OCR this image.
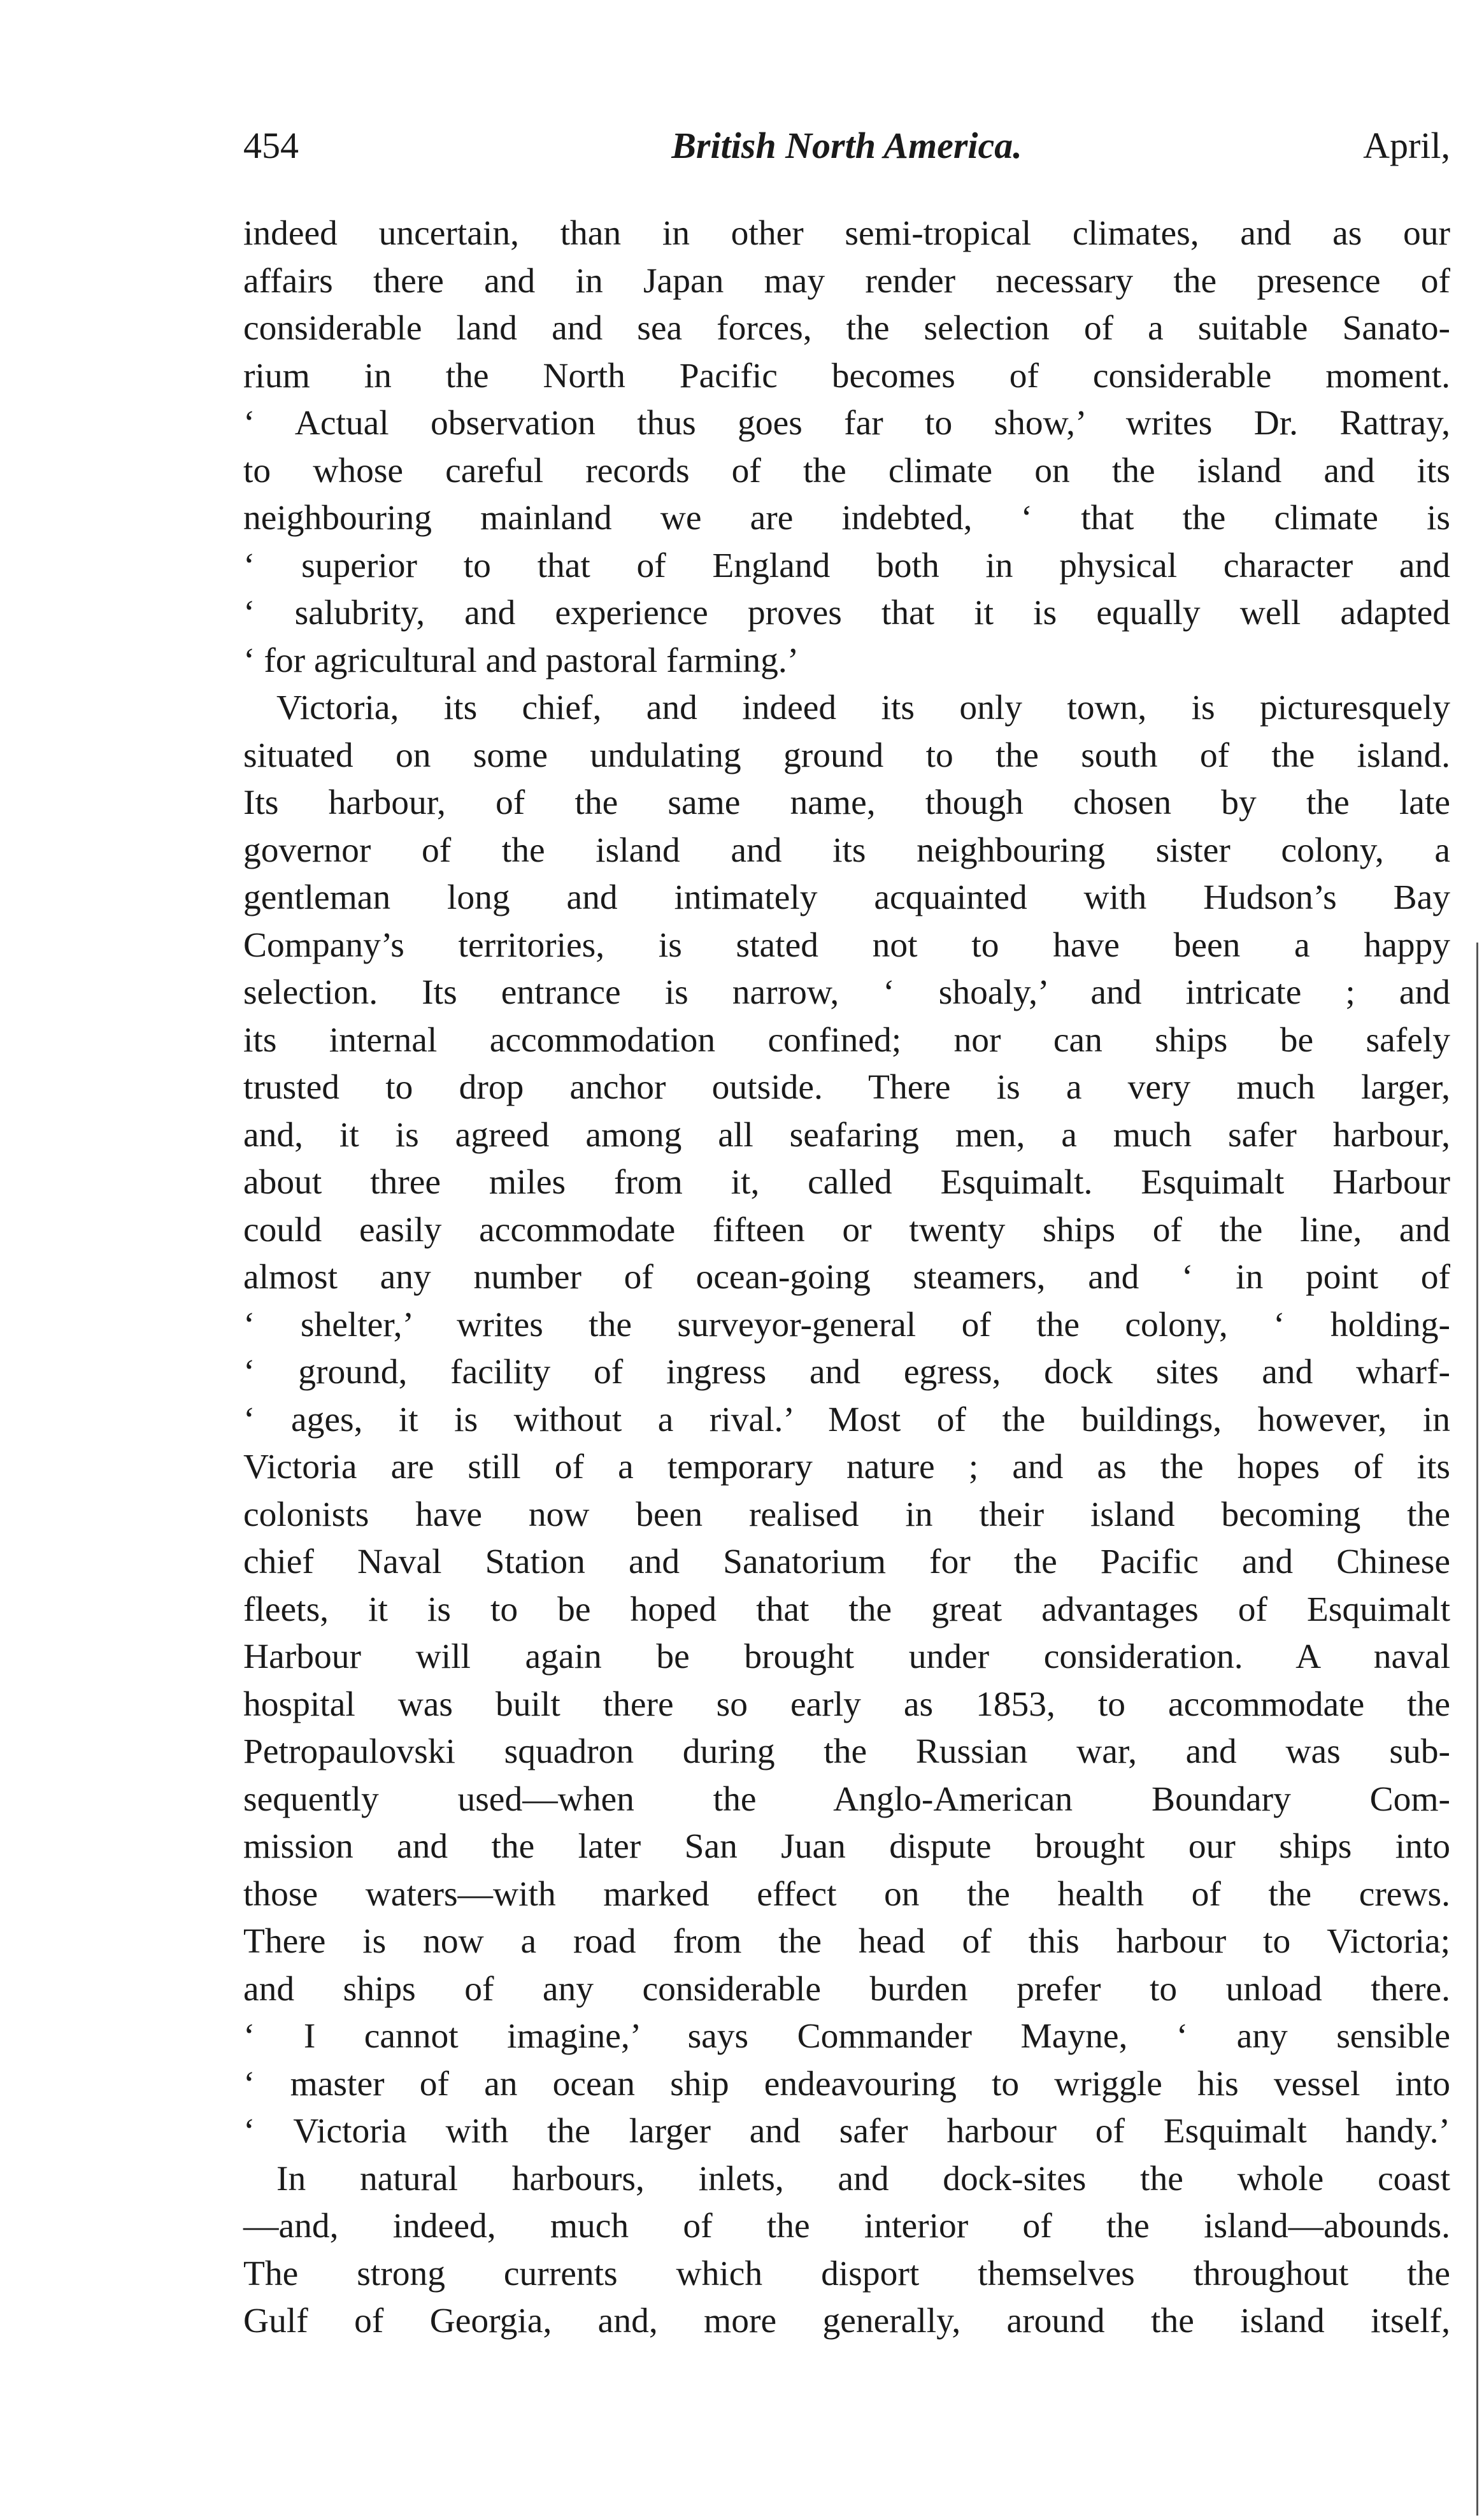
454	British North America.	April,
indeed uncertain, than in other semi-tropical climates, and as our
affairs there and in Japan may render necessary the presence of
considerable land and sea forces, the selection of a suitable Sanato-
rium in the North Pacific becomes of considerable moment.
‘ Actual observation thus goes far to show,’ writes Dr. Rattray,
to whose careful records of the climate on the island and its
neighbouring mainland we are indebted, ‘ that the climate is
‘ superior to that of England both in physical character and
‘ salubrity, and experience proves that it is equally well adapted
‘ for agricultural and pastoral farming.’
Victoria, its chief, and indeed its only town, is picturesquely
situated on some undulating ground to the south of the island.
Its harbour, of the same name, though chosen by the late
governor of the island and its neighbouring sister colony, a
gentleman long and intimately acquainted with Hudson’s Bay
Company’s territories, is stated not to have been a happy
selection. Its entrance is narrow, ‘ shoaly,’ and intricate ; and
its internal accommodation confined; nor can ships be safely
trusted to drop anchor outside. There is a very much larger,
and, it is agreed among all seafaring men, a much safer harbour,
about three miles from it, called Esquimalt. Esquimalt Harbour
could easily accommodate fifteen or twenty ships of the line, and
almost any number of ocean-going steamers, and ‘ in point of
‘ shelter,’ writes the surveyor-general of the colony, ‘ holding-
‘ ground, facility of ingress and egress, dock sites and wharf-
‘ ages, it is without a rival.’ Most of the buildings, however, in
Victoria are still of a temporary nature ; and as the hopes of its
colonists have now been realised in their island becoming the
chief Naval Station and Sanatorium for the Pacific and Chinese
fleets, it is to be hoped that the great advantages of Esquimalt
Harbour will again be brought under consideration. A naval
hospital was built there so early as 1853, to accommodate the
Petropaulovski squadron during the Russian war, and was sub-
sequently used—when the Anglo-American Boundary Com-
mission and the later San Juan dispute brought our ships into
those waters—with marked effect on the health of the crews.
There is now a road from the head of this harbour to Victoria;
and ships of any considerable burden prefer to unload there.
‘ I cannot imagine,’ says Commander Mayne, ‘ any sensible
‘ master of an ocean ship endeavouring to wriggle his vessel into
‘ Victoria with the larger and safer harbour of Esquimalt handy.’
In natural harbours, inlets, and dock-sites the whole coast
—and, indeed, much of the interior of the island—abounds.
The strong currents which disport themselves throughout the
Gulf of Georgia, and, more generally, around the island itself,
